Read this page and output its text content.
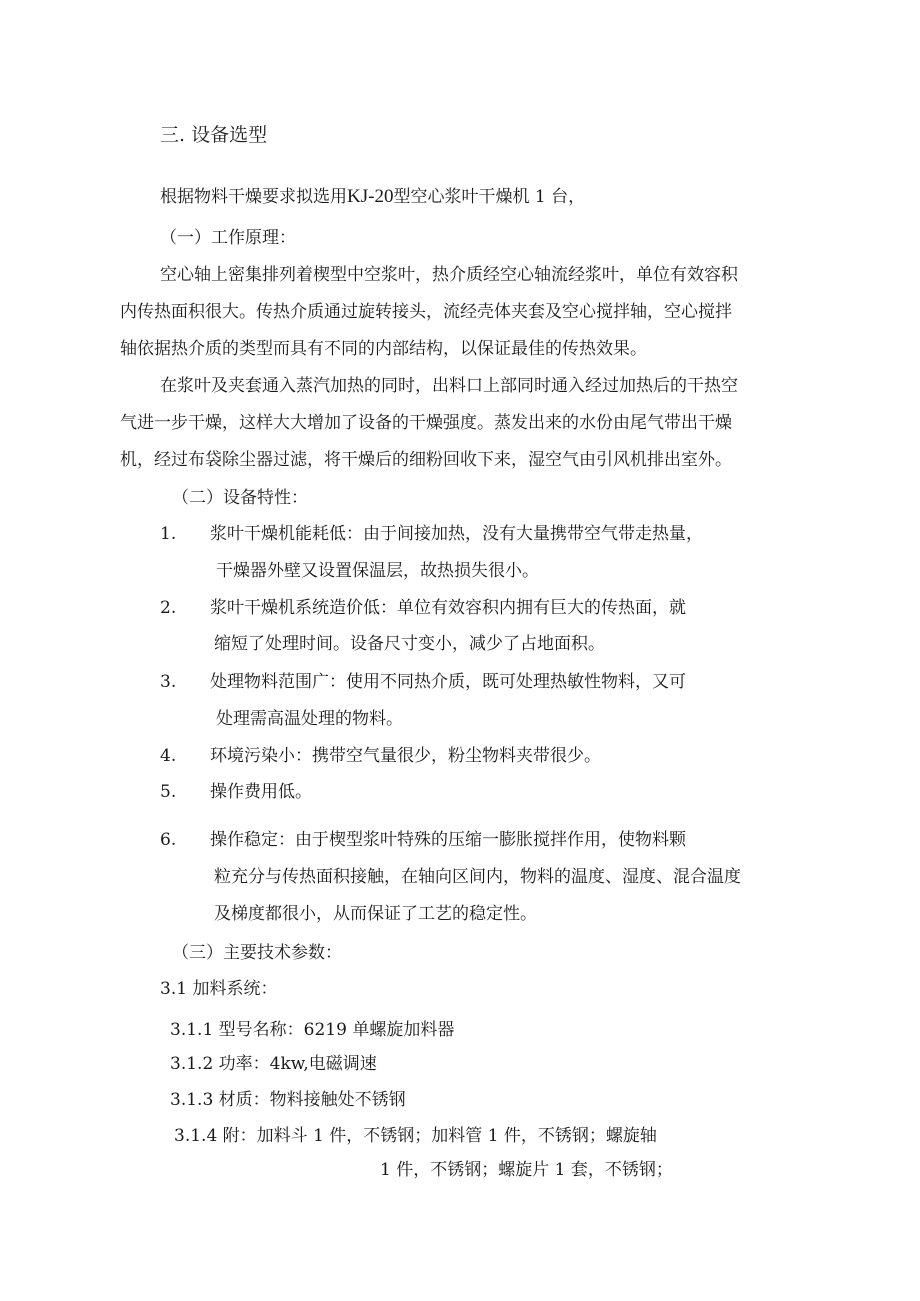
三. 设备选型
根据物料干燥要求拟选用KJ-20型空心浆叶干燥机 1 台，
（一）工作原理：
空心轴上密集排列着楔型中空浆叶，热介质经空心轴流经浆叶，单位有效容积
内传热面积很大。传热介质通过旋转接头，流经壳体夹套及空心搅拌轴，空心搅拌
轴依据热介质的类型而具有不同的内部结构，以保证最佳的传热效果。
在浆叶及夹套通入蒸汽加热的同时，出料口上部同时通入经过加热后的干热空
气进一步干燥，这样大大增加了设备的干燥强度。蒸发出来的水份由尾气带出干燥
机，经过布袋除尘器过滤，将干燥后的细粉回收下来，湿空气由引风机排出室外。
（二）设备特性：
1. 浆叶干燥机能耗低：由于间接加热，没有大量携带空气带走热量，
干燥器外壁又设置保温层，故热损失很小。
2. 浆叶干燥机系统造价低：单位有效容积内拥有巨大的传热面，就
缩短了处理时间。设备尺寸变小，减少了占地面积。
3. 处理物料范围广：使用不同热介质，既可处理热敏性物料，又可
处理需高温处理的物料。
4. 环境污染小：携带空气量很少，粉尘物料夹带很少。
5. 操作费用低。
6. 操作稳定：由于楔型浆叶特殊的压缩一膨胀搅拌作用，使物料颗
粒充分与传热面积接触，在轴向区间内，物料的温度、湿度、混合温度
及梯度都很小，从而保证了工艺的稳定性。
（三）主要技术参数：
3.1 加料系统：
3.1.1 型号名称：6219 单螺旋加料器
3.1.2 功率：4kw,电磁调速
3.1.3 材质：物料接触处不锈钢
3.1.4 附：加料斗 1 件，不锈钢；加料管 1 件，不锈钢；螺旋轴
1 件，不锈钢；螺旋片 1 套，不锈钢；
